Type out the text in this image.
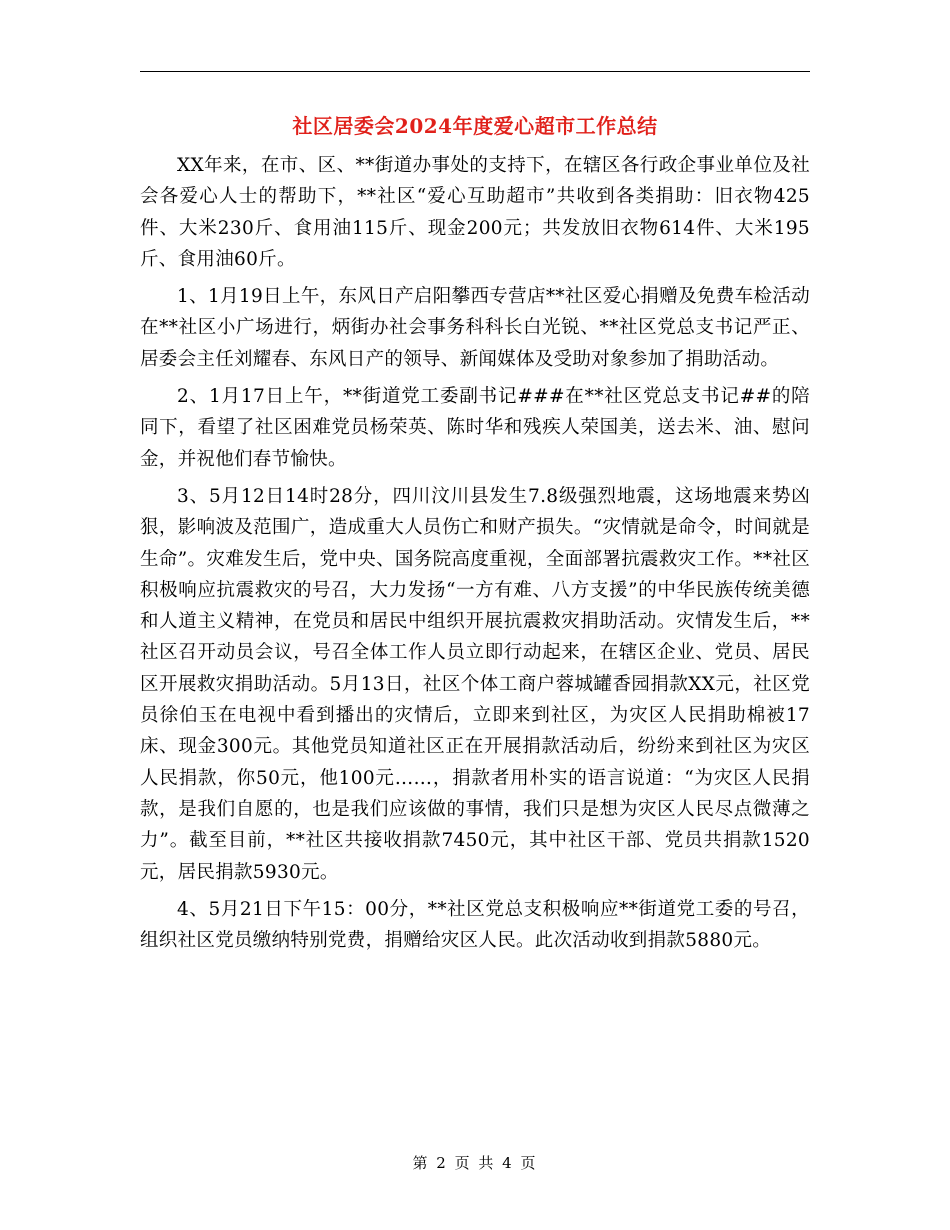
社区居委会2024年度爱心超市工作总结

XX年来，在市、区、**街道办事处的支持下，在辖区各行政企事业单位及社会各爱心人士的帮助下，**社区“爱心互助超市”共收到各类捐助：旧衣物425件、大米230斤、食用油115斤、现金200元；共发放旧衣物614件、大米195斤、食用油60斤。

1、1月19日上午，东风日产启阳攀西专营店**社区爱心捐赠及免费车检活动在**社区小广场进行，炳街办社会事务科科长白光锐、**社区党总支书记严正、居委会主任刘耀春、东风日产的领导、新闻媒体及受助对象参加了捐助活动。

2、1月17日上午，**街道党工委副书记###在**社区党总支书记##的陪同下，看望了社区困难党员杨荣英、陈时华和残疾人荣国美，送去米、油、慰问金，并祝他们春节愉快。

3、5月12日14时28分，四川汶川县发生7.8级强烈地震，这场地震来势凶狠，影响波及范围广，造成重大人员伤亡和财产损失。“灾情就是命令，时间就是生命”。灾难发生后，党中央、国务院高度重视，全面部署抗震救灾工作。**社区积极响应抗震救灾的号召，大力发扬“一方有难、八方支援”的中华民族传统美德和人道主义精神，在党员和居民中组织开展抗震救灾捐助活动。灾情发生后，**社区召开动员会议，号召全体工作人员立即行动起来，在辖区企业、党员、居民区开展救灾捐助活动。5月13日，社区个体工商户蓉城罐香园捐款XX元，社区党员徐伯玉在电视中看到播出的灾情后，立即来到社区，为灾区人民捐助棉被17床、现金300元。其他党员知道社区正在开展捐款活动后，纷纷来到社区为灾区人民捐款，你50元，他100元……，捐款者用朴实的语言说道：“为灾区人民捐款，是我们自愿的，也是我们应该做的事情，我们只是想为灾区人民尽点微薄之力”。截至目前，**社区共接收捐款7450元，其中社区干部、党员共捐款1520元，居民捐款5930元。

4、5月21日下午15：00分，**社区党总支积极响应**街道党工委的号召，组织社区党员缴纳特别党费，捐赠给灾区人民。此次活动收到捐款5880元。

第 2 页 共 4 页
